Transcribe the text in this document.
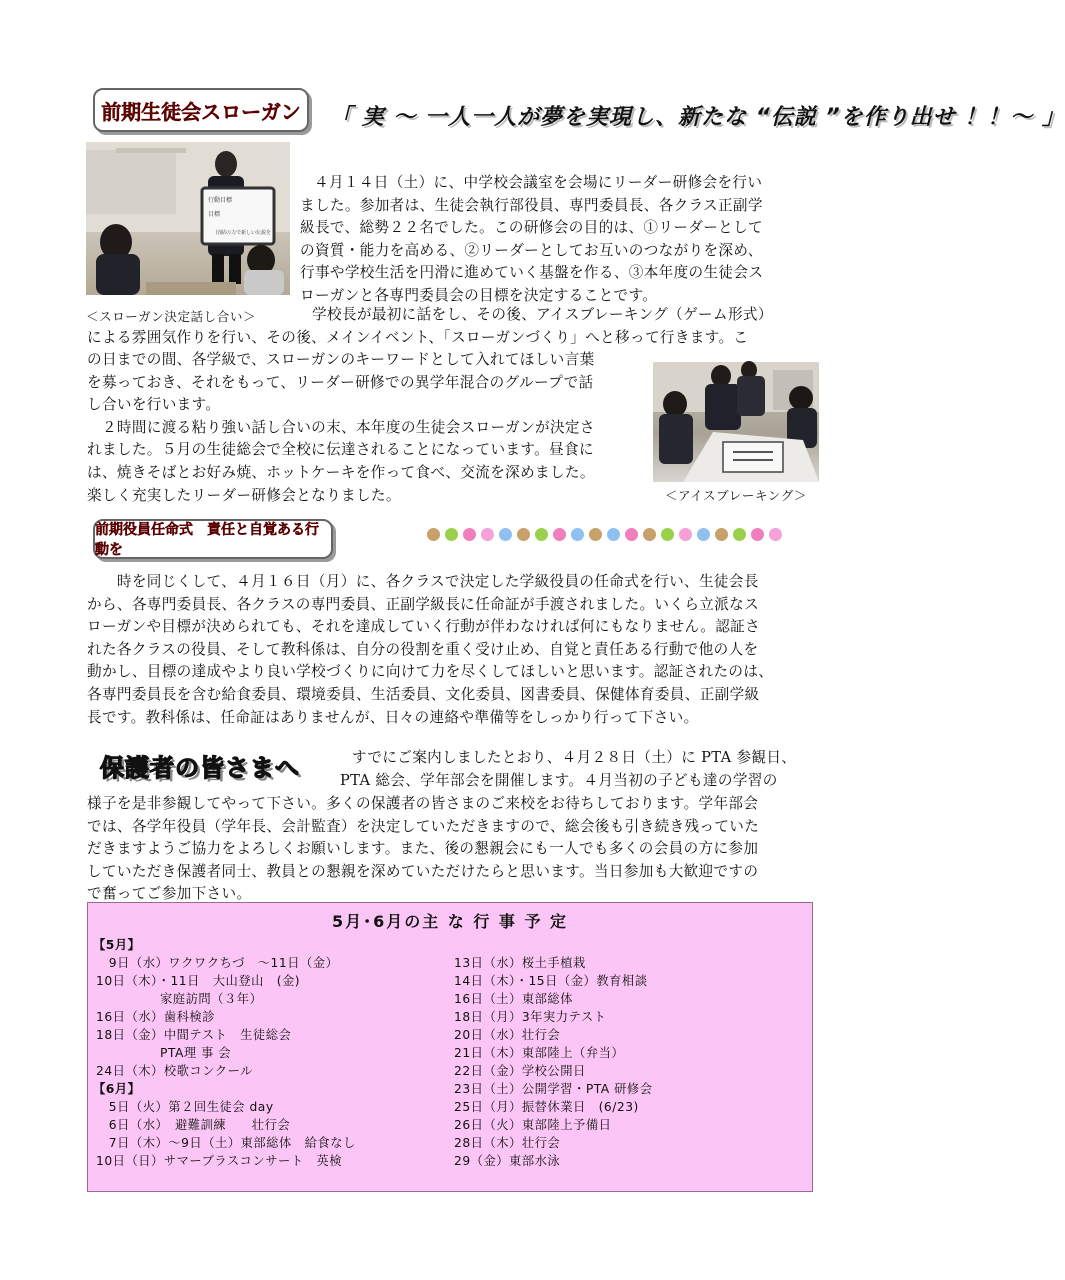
前期生徒会スローガン 「 実 ～ 一人一人が夢を実現し、新たな “伝説 ”を作り出せ ！！～ 」
行動目標
目標
団結の力で新しい伝説を
４月１４日（土）に、中学校会議室を会場にリーダー研修会を行い
ました。参加者は、生徒会執行部役員、専門委員長、各クラス正副学
級長で、総勢２２名でした。この研修会の目的は、①リーダーとして
の資質・能力を高める、②リーダーとしてお互いのつながりを深め、
行事や学校生活を円滑に進めていく基盤を作る、③本年度の生徒会ス
ローガンと各専門委員会の目標を決定することです。
＜スローガン決定話し合い＞	学校長が最初に話をし、その後、アイスブレーキング（ゲーム形式）
による雰囲気作りを行い、その後、メインイベント、「スローガンづくり」へと移って行きます。こ
の日までの間、各学級で、スローガンのキーワードとして入れてほしい言葉
を募っておき、それをもって、リーダー研修での異学年混合のグループで話
し合いを行います。
　２時間に渡る粘り強い話し合いの末、本年度の生徒会スローガンが決定さ
れました。５月の生徒総会で全校に伝達されることになっています。昼食に
は、焼きそばとお好み焼、ホットケーキを作って食べ、交流を深めました。
楽しく充実したリーダー研修会となりました。	＜アイスブレーキング＞
前期役員任命式　責任と自覚ある行動を
　　時を同じくして、４月１６日（月）に、各クラスで決定した学級役員の任命式を行い、生徒会長
から、各専門委員長、各クラスの専門委員、正副学級長に任命証が手渡されました。いくら立派なス
ローガンや目標が決められても、それを達成していく行動が伴わなければ何にもなりません。認証さ
れた各クラスの役員、そして教科係は、自分の役割を重く受け止め、自覚と責任ある行動で他の人を
動かし、目標の達成やより良い学校づくりに向けて力を尽くしてほしいと思います。認証されたのは、
各専門委員長を含む給食委員、環境委員、生活委員、文化委員、図書委員、保健体育委員、正副学級
長です。教科係は、任命証はありませんが、日々の連絡や準備等をしっかり行って下さい。
保護者の皆さまへ	すでにご案内しましたとおり、４月２８日（土）に PTA 参観日、
PTA 総会、学年部会を開催します。４月当初の子ども達の学習の
様子を是非参観してやって下さい。多くの保護者の皆さまのご来校をお待ちしております。学年部会
では、各学年役員（学年長、会計監査）を決定していただきますので、総会後も引き続き残っていた
だきますようご協力をよろしくお願いします。また、後の懇親会にも一人でも多くの会員の方に参加
していただき保護者同士、教員との懇親を深めていただけたらと思います。当日参加も大歓迎ですの
で奮ってご参加下さい。
5月･6月の主 な 行 事 予 定
【5月】
　9日（水）ワクワクちづ　～11日（金）
10日（木）・11日　大山登山　(金)
　　　　　家庭訪問（３年）
16日（水）歯科検診
18日（金）中間テスト　生徒総会
　　　　　PTA理 事 会
24日（木）校歌コンクール
【6月】
　5日（火）第２回生徒会 day
　6日（水）　避難訓練　　壮行会
　7日（木）～9日（土）東部総体　給食なし
10日（日）サマーブラスコンサート　英検
13日（水）桜土手植栽
14日（木）・15日（金）教育相談
16日（土）東部総体
18日（月）3年実力テスト
20日（水）壮行会
21日（木）東部陸上（弁当）
22日（金）学校公開日
23日（土）公開学習・PTA 研修会
25日（月）振替休業日　(6/23)
26日（火）東部陸上予備日
28日（木）壮行会
29（金）東部水泳
